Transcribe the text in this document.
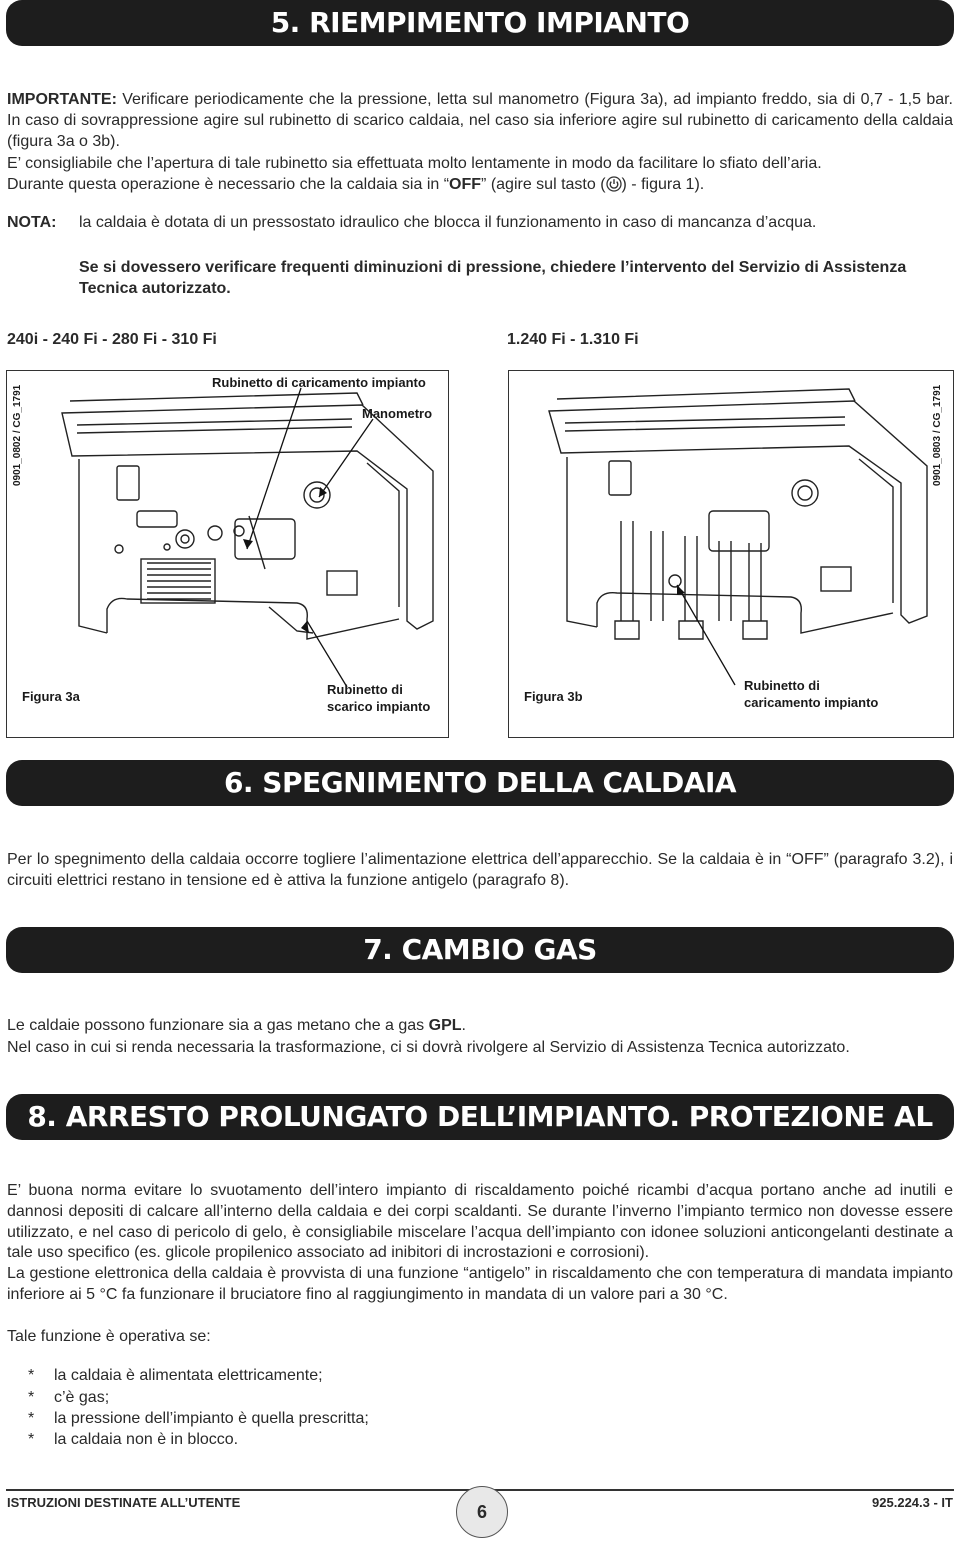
5. RIEMPIMENTO IMPIANTO
IMPORTANTE: Verificare periodicamente che la pressione, letta sul manometro (Figura 3a), ad impianto freddo, sia di 0,7 - 1,5 bar. In caso di sovrappressione agire sul rubinetto di scarico caldaia, nel caso sia inferiore agire sul rubinetto di caricamento della caldaia (figura 3a o 3b).
E’ consigliabile che l’apertura di tale rubinetto sia effettuata molto lentamente in modo da facilitare lo sfiato dell’aria.
Durante questa operazione è necessario che la caldaia sia in “OFF” (agire sul tasto ( ) - figura 1).
NOTA: la caldaia è dotata di un pressostato idraulico che blocca il funzionamento in caso di mancanza d’acqua.
Se si dovessero verificare frequenti diminuzioni di pressione, chiedere l’intervento del Servizio di Assistenza Tecnica autorizzato.
240i - 240 Fi - 280 Fi - 310 Fi	1.240 Fi - 1.310 Fi
Rubinetto di caricamento impianto
Manometro
Figura 3a	Rubinetto di
scarico impianto
0901_0802 / CG_1791
Figura 3b
Rubinetto di
caricamento impianto
0901_0803 / CG_1791
6. SPEGNIMENTO DELLA CALDAIA
Per lo spegnimento della caldaia occorre togliere l’alimentazione elettrica dell’apparecchio. Se la caldaia è in “OFF” (paragrafo 3.2), i circuiti elettrici restano in tensione ed è attiva la funzione antigelo (paragrafo 8).
7. CAMBIO GAS
Le caldaie possono funzionare sia a gas metano che a gas GPL.
Nel caso in cui si renda necessaria la trasformazione, ci si dovrà rivolgere al Servizio di Assistenza Tecnica autorizzato.
8. ARRESTO PROLUNGATO DELL’IMPIANTO. PROTEZIONE AL GELO
E’ buona norma evitare lo svuotamento dell’intero impianto di riscaldamento poiché ricambi d’acqua portano anche ad inutili e dannosi depositi di calcare all’interno della caldaia e dei corpi scaldanti. Se durante l’inverno l’impianto termico non dovesse essere utilizzato, e nel caso di pericolo di gelo, è consigliabile miscelare l’acqua dell’impianto con idonee soluzioni anticongelanti destinate a tale uso specifico (es. glicole propilenico associato ad inibitori di incrostazioni e corrosioni).
La gestione elettronica della caldaia è provvista di una funzione “antigelo” in riscaldamento che con temperatura di mandata impianto inferiore ai 5 °C fa funzionare il bruciatore fino al raggiungimento in mandata di un valore pari a 30 °C.
Tale funzione è operativa se:
* la caldaia è alimentata elettricamente;
* c’è gas;
* la pressione dell’impianto è quella prescritta;
* la caldaia non è in blocco.
ISTRUZIONI DESTINATE ALL’UTENTE	6	925.224.3 - IT
